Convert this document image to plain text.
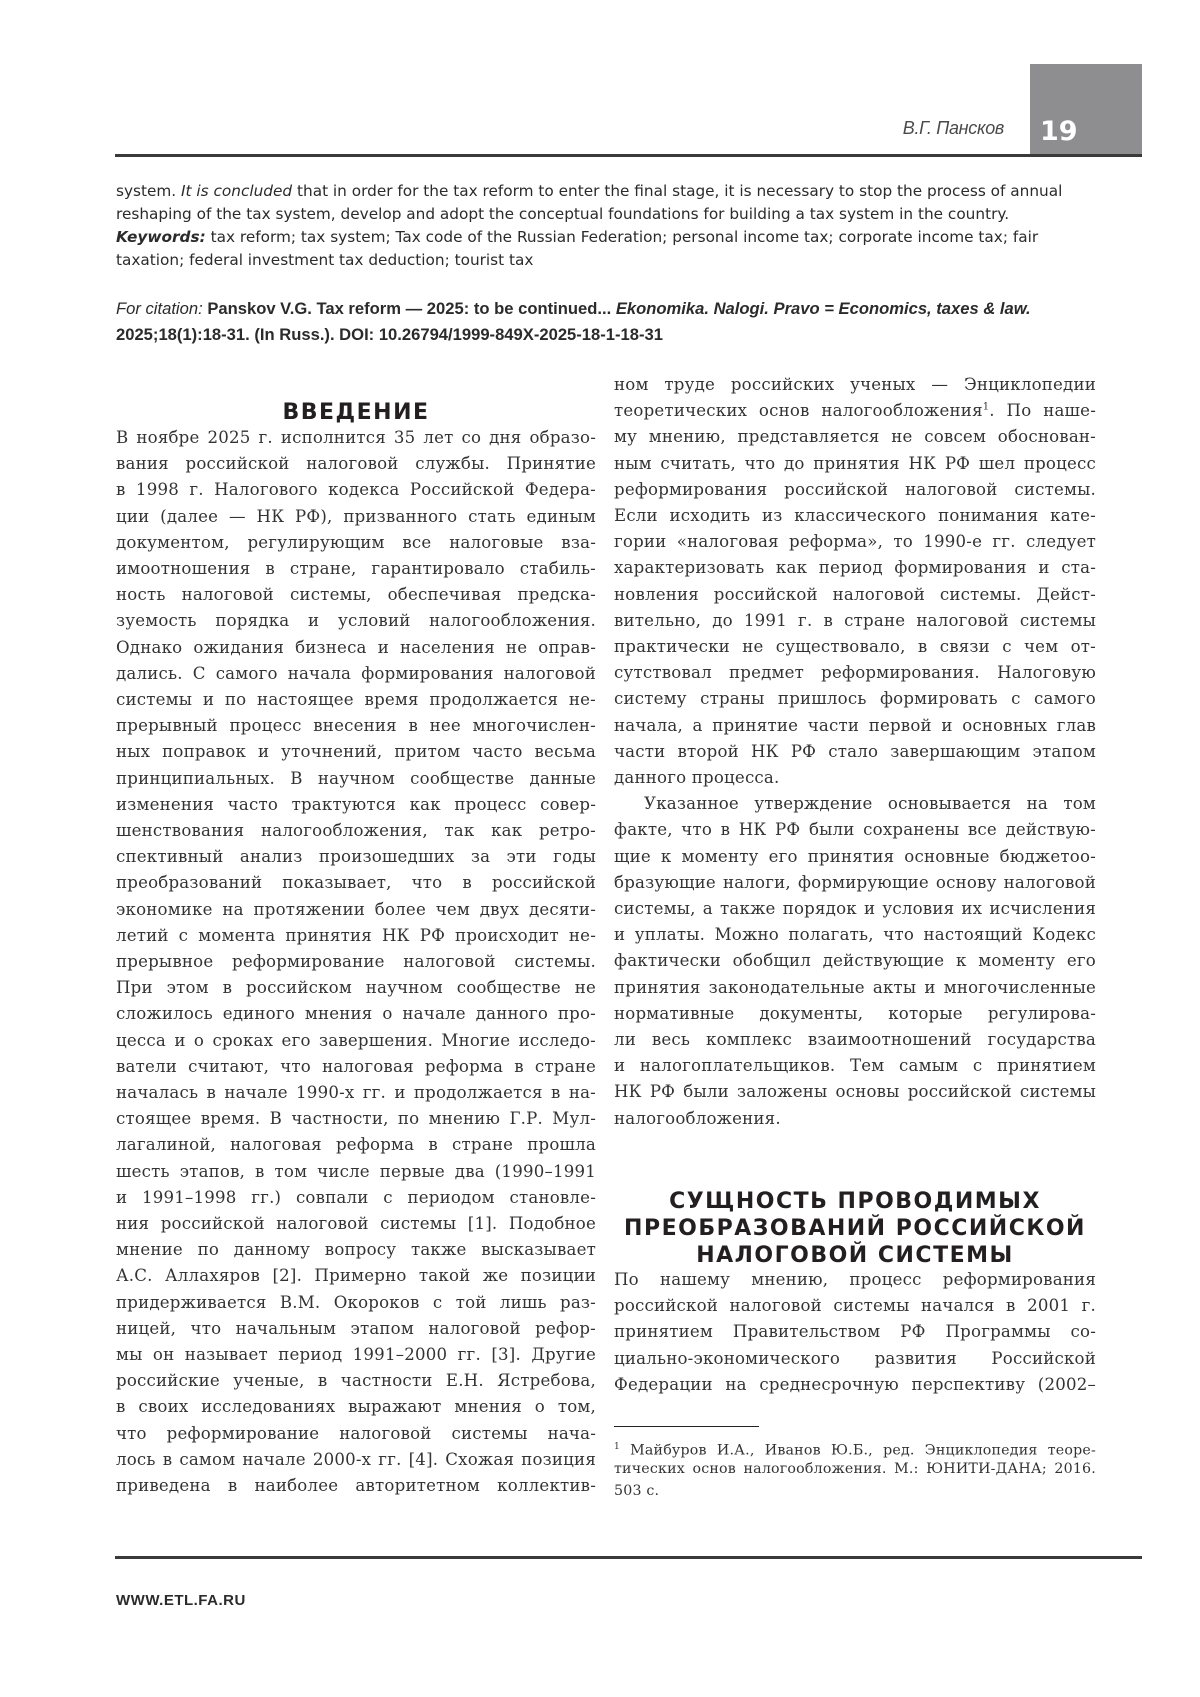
19
В.Г. Пансков
system. It is concluded that in order for the tax reform to enter the final stage, it is necessary to stop the process of annual
reshaping of the tax system, develop and adopt the conceptual foundations for building a tax system in the country.
Keywords: tax reform; tax system; Tax code of the Russian Federation; personal income tax; corporate income tax; fair
taxation; federal investment tax deduction; tourist tax
For citation: Panskov V.G. Tax reform — 2025: to be continued... Ekonomika. Nalogi. Pravo = Economics, taxes & law.
2025;18(1):18-31. (In Russ.). DOI: 10.26794/1999-849X-2025-18-1-18-31
ВВЕДЕНИЕ
В ноябре 2025 г. исполнится 35 лет со дня образо-
вания российской налоговой службы. Принятие
в 1998 г. Налогового кодекса Российской Федера-
ции (далее — НК РФ), призванного стать единым
документом, регулирующим все налоговые вза-
имоотношения в стране, гарантировало стабиль-
ность налоговой системы, обеспечивая предска-
зуемость порядка и условий налогообложения.
Однако ожидания бизнеса и населения не оправ-
дались. С самого начала формирования налоговой
системы и по настоящее время продолжается не-
прерывный процесс внесения в нее многочислен-
ных поправок и уточнений, притом часто весьма
принципиальных. В научном сообществе данные
изменения часто трактуются как процесс совер-
шенствования налогообложения, так как ретро-
спективный анализ произошедших за эти годы
преобразований показывает, что в российской
экономике на протяжении более чем двух десяти-
летий с момента принятия НК РФ происходит не-
прерывное реформирование налоговой системы.
При этом в российском научном сообществе не
сложилось единого мнения о начале данного про-
цесса и о сроках его завершения. Многие исследо-
ватели считают, что налоговая реформа в стране
началась в начале 1990-х гг. и продолжается в на-
стоящее время. В частности, по мнению Г.Р. Мул-
лагалиной, налоговая реформа в стране прошла
шесть этапов, в том числе первые два (1990–1991
и 1991–1998 гг.) совпали с периодом становле-
ния российской налоговой системы [1]. Подобное
мнение по данному вопросу также высказывает
А.С. Аллахяров [2]. Примерно такой же позиции
придерживается В.М. Окороков с той лишь раз-
ницей, что начальным этапом налоговой рефор-
мы он называет период 1991–2000 гг. [3]. Другие
российские ученые, в частности Е.Н. Ястребова,
в своих исследованиях выражают мнения о том,
что реформирование налоговой системы нача-
лось в самом начале 2000-х гг. [4]. Схожая позиция
приведена в наиболее авторитетном коллектив-
ном труде российских ученых — Энциклопедии
теоретических основ налогообложения$^1$. По наше-
му мнению, представляется не совсем обоснован-
ным считать, что до принятия НК РФ шел процесс
реформирования российской налоговой системы.
Если исходить из классического понимания кате-
гории «налоговая реформа», то 1990-е гг. следует
характеризовать как период формирования и ста-
новления российской налоговой системы. Дейст-
вительно, до 1991 г. в стране налоговой системы
практически не существовало, в связи с чем от-
сутствовал предмет реформирования. Налоговую
систему страны пришлось формировать с самого
начала, а принятие части первой и основных глав
части второй НК РФ стало завершающим этапом
данного процесса.
Указанное утверждение основывается на том
факте, что в НК РФ были сохранены все действую-
щие к моменту его принятия основные бюджетоо-
бразующие налоги, формирующие основу налоговой
системы, а также порядок и условия их исчисления
и уплаты. Можно полагать, что настоящий Кодекс
фактически обобщил действующие к моменту его
принятия законодательные акты и многочисленные
нормативные документы, которые регулирова-
ли весь комплекс взаимоотношений государства
и налогоплательщиков. Тем самым с принятием
НК РФ были заложены основы российской системы
налогообложения.
По нашему мнению, процесс реформирования
российской налоговой системы начался в 2001 г.
принятием Правительством РФ Программы со-
циально-экономического развития Российской
Федерации на среднесрочную перспективу (2002–
СУЩНОСТЬ ПРОВОДИМЫХ
ПРЕОБРАЗОВАНИЙ РОССИЙСКОЙ
НАЛОГОВОЙ СИСТЕМЫ
$^1$ Майбуров И.А., Иванов Ю.Б., ред. Энциклопедия теоре-
тических основ налогообложения. М.: ЮНИТИ-ДАНА; 2016.
503 с.
WWW.ETL.FA.RU
